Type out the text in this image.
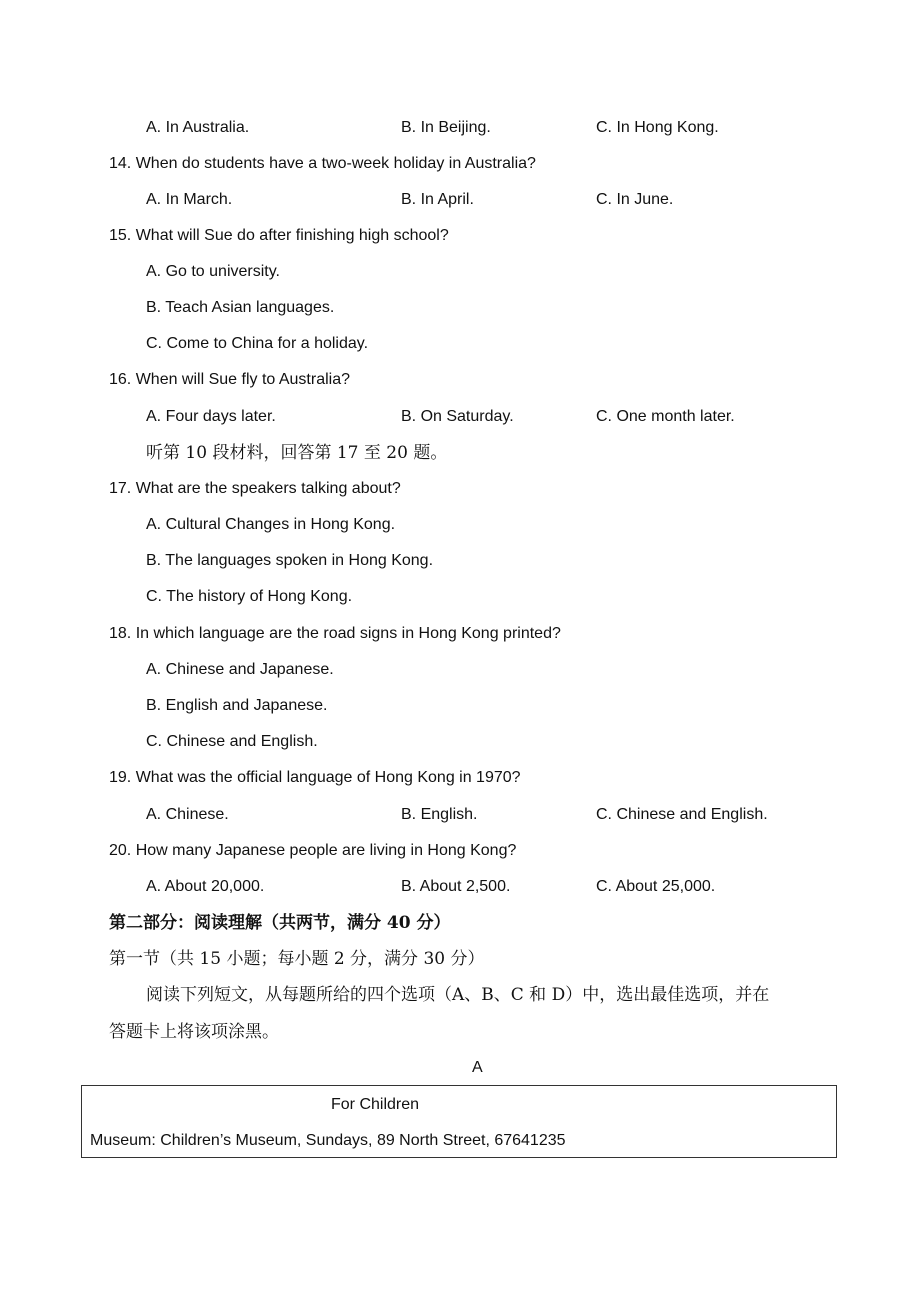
A. In Australia.	B. In Beijing.	C. In Hong Kong.
14. When do students have a two-week holiday in Australia?
A. In March.	B. In April.	C. In June.
15. What will Sue do after finishing high school?
A. Go to university.
B. Teach Asian languages.
C. Come to China for a holiday.
16. When will Sue fly to Australia?
A. Four days later.	B. On Saturday.	C. One month later.
听第 10 段材料，回答第 17 至 20 题。
17. What are the speakers talking about?
A. Cultural Changes in Hong Kong.
B. The languages spoken in Hong Kong.
C. The history of Hong Kong.
18. In which language are the road signs in Hong Kong printed?
A. Chinese and Japanese.
B. English and Japanese.
C. Chinese and English.
19. What was the official language of Hong Kong in 1970?
A. Chinese.	B. English.	C. Chinese and English.
20. How many Japanese people are living in Hong Kong?
A. About 20,000.	B. About 2,500.	C. About 25,000.
第二部分：阅读理解（共两节，满分 40 分）
第一节（共 15 小题；每小题 2 分，满分 30 分）
阅读下列短文，从每题所给的四个选项（A、B、C 和 D）中，选出最佳选项，并在
答题卡上将该项涂黑。
A
For Children
Museum: Children’s Museum, Sundays, 89 North Street, 67641235
